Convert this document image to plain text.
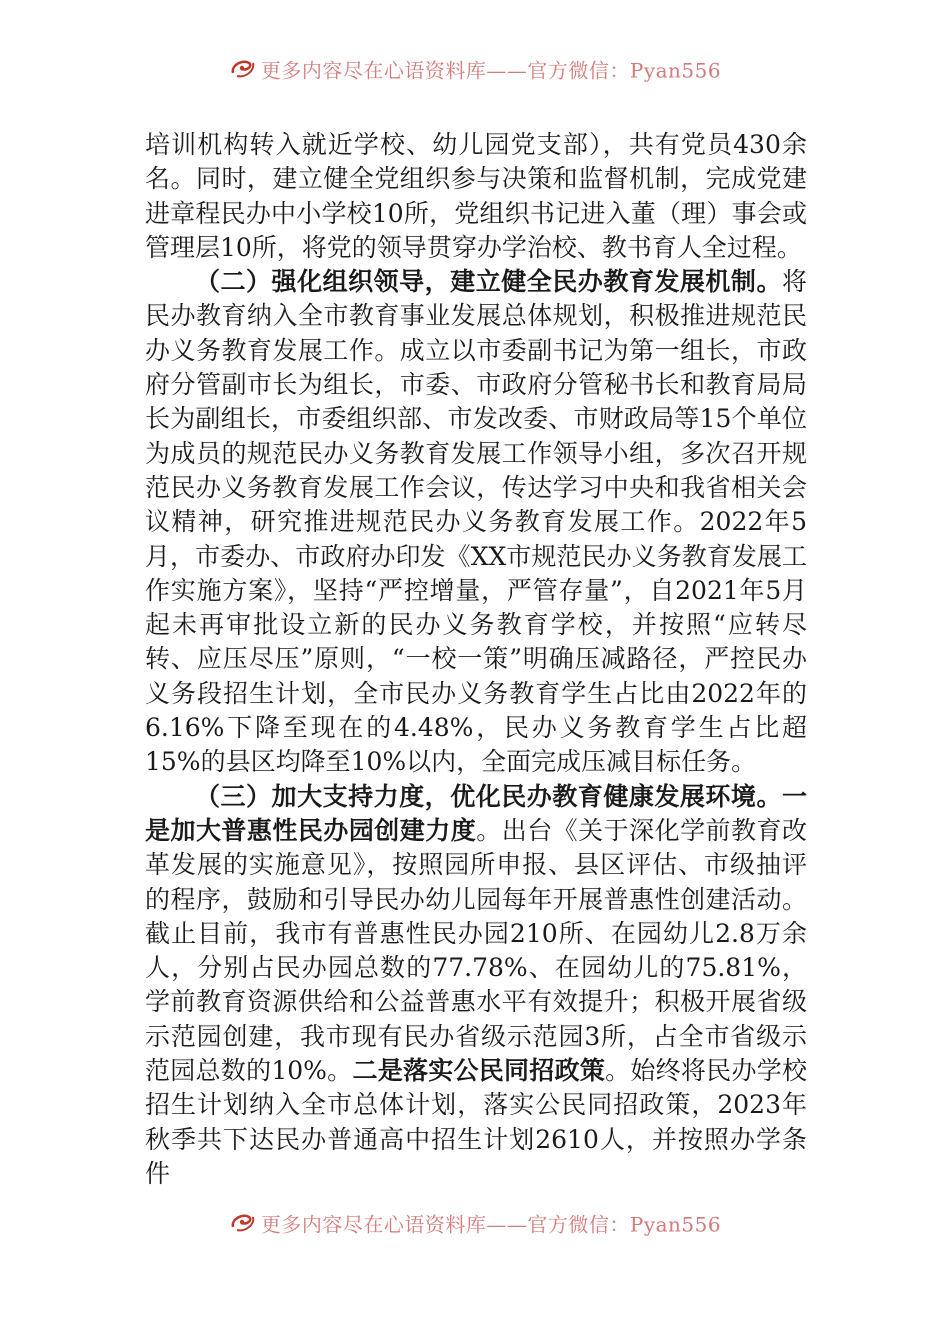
更多内容尽在心语资料库——官方微信：Pyan556

培训机构转入就近学校、幼儿园党支部），共有党员430余名。同时，建立健全党组织参与决策和监督机制，完成党建进章程民办中小学校10所，党组织书记进入董（理）事会或管理层10所，将党的领导贯穿办学治校、教书育人全过程。

（二）强化组织领导，建立健全民办教育发展机制。将民办教育纳入全市教育事业发展总体规划，积极推进规范民办义务教育发展工作。成立以市委副书记为第一组长，市政府分管副市长为组长，市委、市政府分管秘书长和教育局局长为副组长，市委组织部、市发改委、市财政局等15个单位为成员的规范民办义务教育发展工作领导小组，多次召开规范民办义务教育发展工作会议，传达学习中央和我省相关会议精神，研究推进规范民办义务教育发展工作。2022年5月，市委办、市政府办印发《XX市规范民办义务教育发展工作实施方案》，坚持“严控增量，严管存量”，自2021年5月起未再审批设立新的民办义务教育学校，并按照“应转尽转、应压尽压”原则，“一校一策”明确压减路径，严控民办义务段招生计划，全市民办义务教育学生占比由2022年的6.16%下降至现在的4.48%，民办义务教育学生占比超15%的县区均降至10%以内，全面完成压减目标任务。

（三）加大支持力度，优化民办教育健康发展环境。一是加大普惠性民办园创建力度。出台《关于深化学前教育改革发展的实施意见》，按照园所申报、县区评估、市级抽评的程序，鼓励和引导民办幼儿园每年开展普惠性创建活动。截止目前，我市有普惠性民办园210所、在园幼儿2.8万余人，分别占民办园总数的77.78%、在园幼儿的75.81%，学前教育资源供给和公益普惠水平有效提升；积极开展省级示范园创建，我市现有民办省级示范园3所，占全市省级示范园总数的10%。二是落实公民同招政策。始终将民办学校招生计划纳入全市总体计划，落实公民同招政策，2023年秋季共下达民办普通高中招生计划2610人，并按照办学条件

更多内容尽在心语资料库——官方微信：Pyan556
